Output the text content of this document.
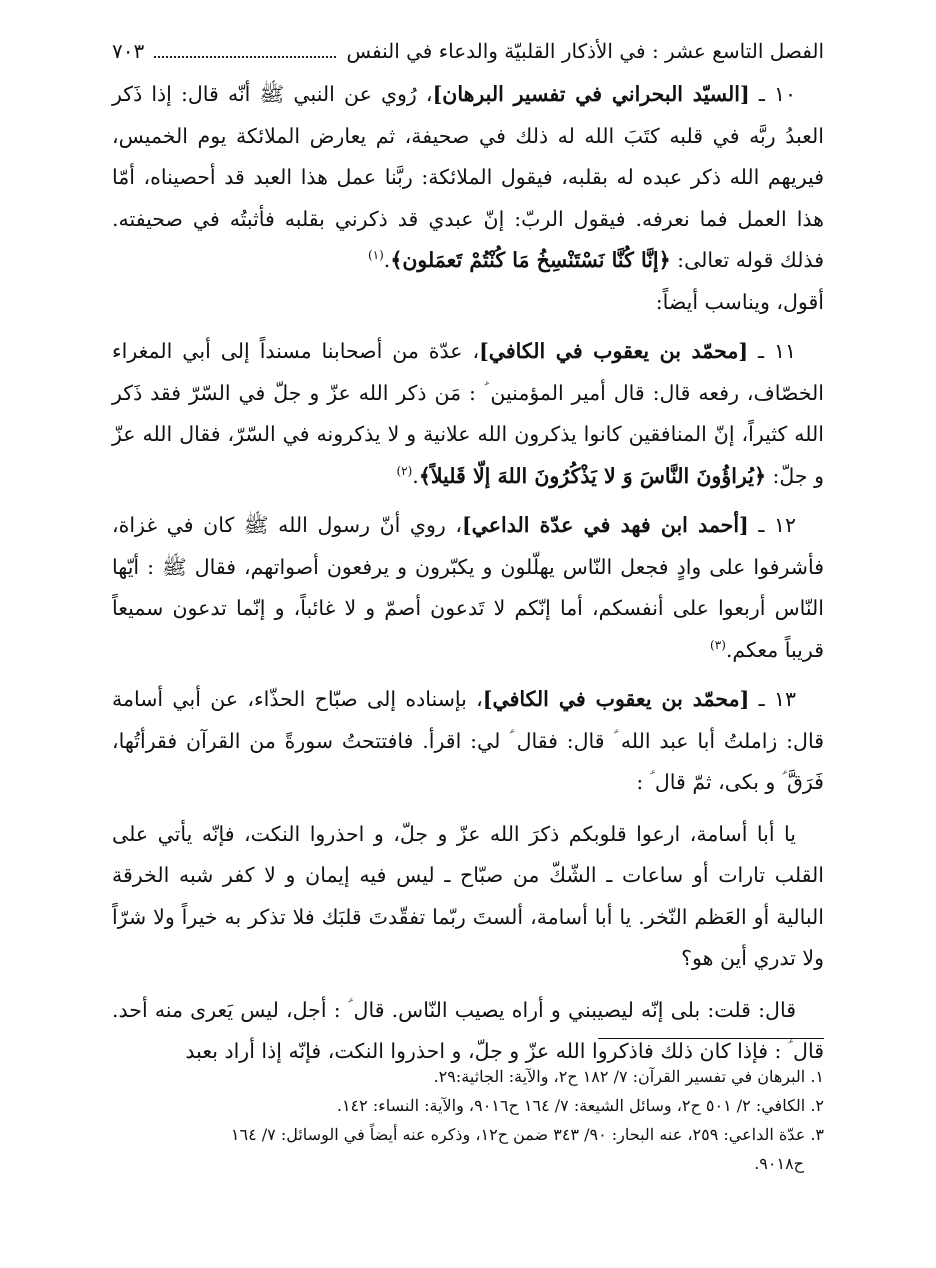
الفصل التاسع عشر : في الأذكار القلبيّة والدعاء في النفس
٧٠٣

١٠ ـ [السيّد البحراني في تفسير البرهان]، رُوي عن النبي ﷺ أنّه قال: إذا ذَكر العبدُ ربَّه في قلبه كتَبَ الله له ذلك في صحيفة، ثم يعارض الملائكة يوم الخميس، فيريهم الله ذكر عبده له بقلبه، فيقول الملائكة: ربَّنا عمل هذا العبد قد أحصيناه، أمّا هذا العمل فما نعرفه. فيقول الربّ: إنّ عبدي قد ذكرني بقلبه فأثبتُه في صحيفته. فذلك قوله تعالى: ﴿إنَّا كُنَّا نَسْتَنْسِخُ مَا كُنْتُمْ تَعمَلون﴾.$^{(١)}$

أقول، ويناسب أيضاً:

١١ ـ [محمّد بن يعقوب في الكافي]، عدّة من أصحابنا مسنداً إلى أبي المغراء الخصّاف، رفعه قال: قال أمير المؤمنين ؑ : مَن ذكر الله عزّ و جلّ في السّرّ فقد ذَكر الله كثيراً، إنّ المنافقين كانوا يذكرون الله علانية و لا يذكرونه في السّرّ، فقال الله عزّ و جلّ: ﴿يُراؤُونَ النَّاسَ وَ لا يَذْكُرُونَ اللهَ إلّا قَليلاً﴾.$^{(٢)}$

١٢ ـ [أحمد ابن فهد في عدّة الداعي]، روي أنّ رسول الله ﷺ كان في غزاة، فأشرفوا على وادٍ فجعل النّاس يهلّلون و يكبّرون و يرفعون أصواتهم، فقال ﷺ : أيّها النّاس أربعوا على أنفسكم، أما إنّكم لا تَدعون أصمّ و لا غائباً، و إنّما تدعون سميعاً قريباً معكم.$^{(٣)}$

١٣ ـ [محمّد بن يعقوب في الكافي]، بإسناده إلى صبّاح الحذّاء، عن أبي أسامة قال: زاملتُ أبا عبد الله ؑ قال: فقال ؑ لي: اقرأ. فافتتحتُ سورةً من القرآن فقرأتُها، فَرَقَّ ؑ و بكى، ثمّ قال ؑ :

يا أبا أسامة، ارعوا قلوبكم ذكرَ الله عزّ و جلّ، و احذروا النكت، فإنّه يأتي على القلب تارات أو ساعات ـ الشّكّ من صبّاح ـ ليس فيه إيمان و لا كفر شبه الخرقة البالية أو العَظم النّخر. يا أبا أسامة، ألستَ ربّما تفقّدتَ قلبَك فلا تذكر به خيراً ولا شرّاً ولا تدري أين هو؟

قال: قلت: بلى إنّه ليصيبني و أراه يصيب النّاس. قال ؑ : أجل، ليس يَعرى منه أحد. قال ؑ : فإذا كان ذلك فاذكروا الله عزّ و جلّ، و احذروا النكت، فإنّه إذا أراد بعبد

١. البرهان في تفسير القرآن: ٧/ ١٨٢ ح٢، والآية: الجاثية:٢٩.

٢. الكافي: ٢/ ٥٠١ ح٢، وسائل الشيعة: ٧/ ١٦٤ ح٩٠١٦، والآية: النساء: ١٤٢.

٣. عدّة الداعي: ٢٥٩، عنه البحار: ٩٠/ ٣٤٣ ضمن ح١٢، وذكره عنه أيضاً في الوسائل: ٧/ ١٦٤

ح٩٠١٨.
